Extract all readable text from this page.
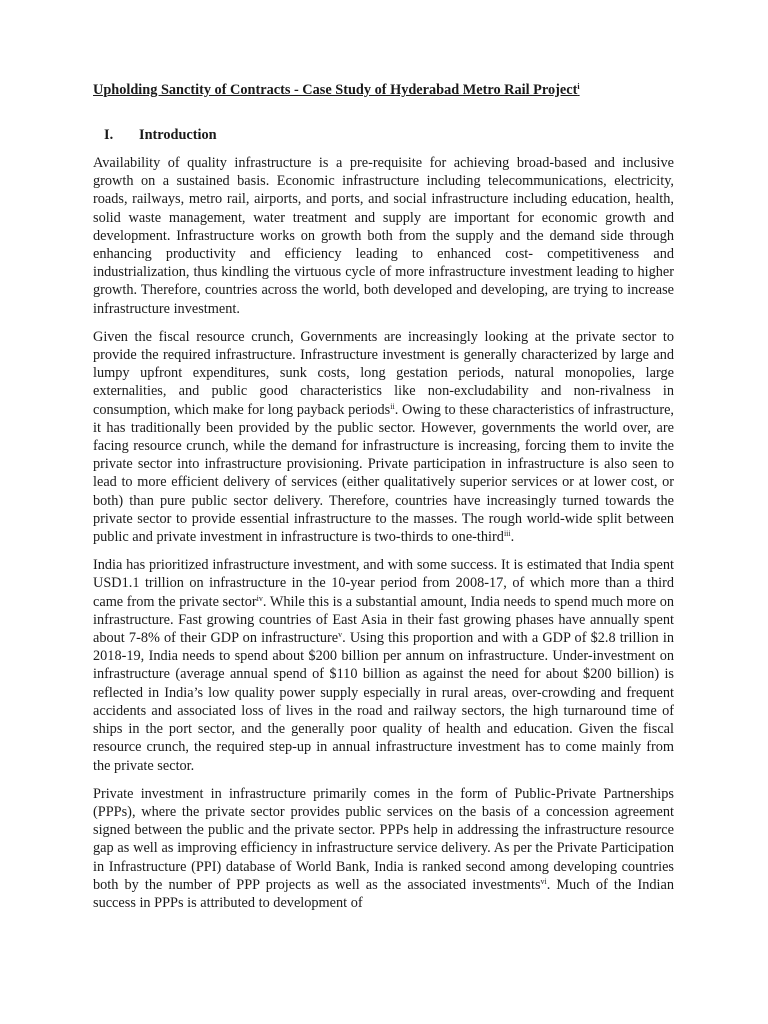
Upholding Sanctity of Contracts - Case Study of Hyderabad Metro Rail Project$^i$
I.	Introduction

Availability of quality infrastructure is a pre-requisite for achieving broad-based and inclusive growth on a sustained basis. Economic infrastructure including telecommunications, electricity, roads, railways, metro rail, airports, and ports, and social infrastructure including education, health, solid waste management, water treatment and supply are important for economic growth and development. Infrastructure works on growth both from the supply and the demand side through enhancing productivity and efficiency leading to enhanced cost- competitiveness and industrialization, thus kindling the virtuous cycle of more infrastructure investment leading to higher growth. Therefore, countries across the world, both developed and developing, are trying to increase infrastructure investment.

Given the fiscal resource crunch, Governments are increasingly looking at the private sector to provide the required infrastructure. Infrastructure investment is generally characterized by large and lumpy upfront expenditures, sunk costs, long gestation periods, natural monopolies, large externalities, and public good characteristics like non-excludability and non-rivalness in consumption, which make for long payback periods$^{ii}$. Owing to these characteristics of infrastructure, it has traditionally been provided by the public sector. However, governments the world over, are facing resource crunch, while the demand for infrastructure is increasing, forcing them to invite the private sector into infrastructure provisioning. Private participation in infrastructure is also seen to lead to more efficient delivery of services (either qualitatively superior services or at lower cost, or both) than pure public sector delivery. Therefore, countries have increasingly turned towards the private sector to provide essential infrastructure to the masses. The rough world-wide split between public and private investment in infrastructure is two-thirds to one-third$^{iii}$.

India has prioritized infrastructure investment, and with some success. It is estimated that India spent USD1.1 trillion on infrastructure in the 10-year period from 2008-17, of which more than a third came from the private sector$^{iv}$. While this is a substantial amount, India needs to spend much more on infrastructure. Fast growing countries of East Asia in their fast growing phases have annually spent about 7-8% of their GDP on infrastructure$^v$. Using this proportion and with a GDP of $2.8 trillion in 2018-19, India needs to spend about $200 billion per annum on infrastructure. Under-investment on infrastructure (average annual spend of $110 billion as against the need for about $200 billion) is reflected in India’s low quality power supply especially in rural areas, over-crowding and frequent accidents and associated loss of lives in the road and railway sectors, the high turnaround time of ships in the port sector, and the generally poor quality of health and education. Given the fiscal resource crunch, the required step-up in annual infrastructure investment has to come mainly from the private sector.

Private investment in infrastructure primarily comes in the form of Public-Private Partnerships (PPPs), where the private sector provides public services on the basis of a concession agreement signed between the public and the private sector. PPPs help in addressing the infrastructure resource gap as well as improving efficiency in infrastructure service delivery. As per the Private Participation in Infrastructure (PPI) database of World Bank, India is ranked second among developing countries both by the number of PPP projects as well as the associated investments$^{vi}$. Much of the Indian success in PPPs is attributed to development of
